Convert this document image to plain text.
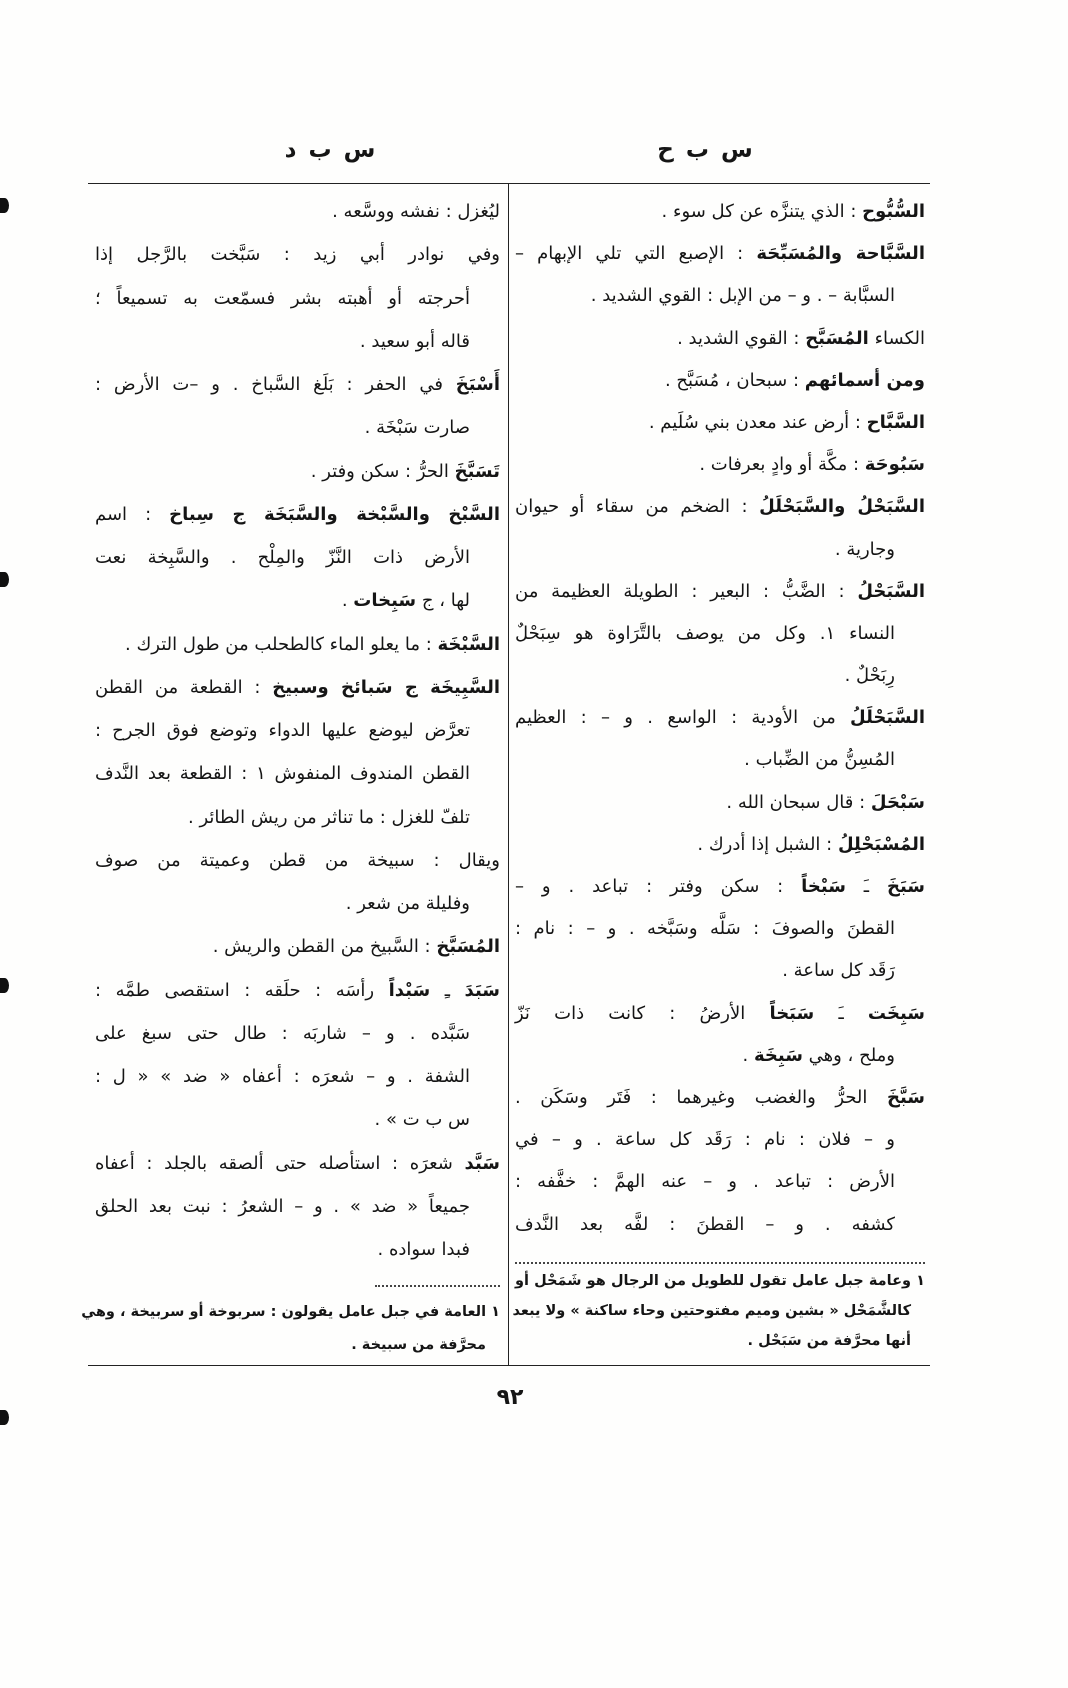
س ب ح
س ب د
السُّبُّوح : الذي يتنزَّه عن كل سوء .
السَّبَّاحة والمُسَبِّحَة : الإصبع التي تلي الإبهام –
السبَّابة – . و – من الإبل : القوي الشديد .
الكساء المُسَبَّح : القوي الشديد .
ومن أسمائهم : سبحان ، مُسَبَّح .
السَّبَّاح : أرض عند معدن بني سُلَيم .
سَبُوحَة : مكَّة أو وادٍ بعرفات .
السَّبَحْلُ والسَّبَحْلَلُ : الضخم من سقاء أو حيوان
وجارية .
السَّبَحْلُ : الضَّبُّ : البعير : الطويلة العظيمة من
النساء ١. وكل من يوصف بالتَّرَاوة هو سِبَحْلٌ
رِبَحْلٌ .
السَّبَحْلَلُ من الأودية : الواسع . و – : العظيم
المُسِنُّ من الضِّباب .
سَبْحَلَ : قال سبحان الله .
المُسْبَحْلِلُ : الشبل إذا أدرك .
سَبَخَ ـَ سَبْخاً : سكن وفتر : تباعد . و –
القطنَ والصوفَ : سَلَّه وسَبَّخه . و – : نام :
رَقَد كل ساعة .
سَبِخَت ـَ سَبَخاً الأرضُ : كانت ذات نَزّ
وملح ، وهي سَبِخَة .
سَبَّخَ الحرُّ والغضب وغيرهما : فَتَر وسَكَن .
و – فلان : نام : رَقَد كل ساعة . و – في
الأرض : تباعد . و – عنه الهمَّ : خفَّفه :
كشفه . و – القطنَ : لفَّه بعد النَّدف
ليُغزل : نفشه ووسَّعه .
وفي نوادر أبي زيد : سَبَّخت بالرَّجل إذا
أحرجته أو أهبته بشر فسمّعت به تسميعاً ؛
قاله أبو سعيد .
أَسْبَخَ في الحفر : بَلَغ السَّباخ . و –ت الأرض :
صارت سَبْخَة .
تَسَبَّخَ الحرُّ : سكن وفتر .
السَّبْخ والسَّبْخة والسَّبَخَة ج سِباخ : اسم
الأرض ذات النَّزّ والمِلْح . والسَّبِخة نعت
لها ، ج سَبِخات .
السَّبْخَة : ما يعلو الماء كالطحلب من طول الترك .
السَّبِيخَة ج سَبائخ وسبيخ : القطعة من القطن
تعرَّض ليوضع عليها الدواء وتوضع فوق الجرح :
القطن المندوف المنفوش ١ : القطعة بعد النَّدف
تلفّ للغزل : ما تناثر من ريش الطائر .
ويقال : سبيخة من قطن وعميتة من صوف
وفليلة من شعر .
المُسَبَّخ : السَّبيخ من القطن والريش .
سَبَدَ ـِ سَبْداً رأسَه : حلَقه : استقصى طمَّه :
سَبَّده . و – شاربَه : طال حتى سبغ على
الشفة . و – شعرَه : أعفاه « ضد » « ل :
س ب ت » .
سَبَّد شعرَه : استأصله حتى ألصقه بالجلد : أعفاه
جميعاً « ضد » . و – الشعرُ : نبت بعد الحلق
فبدا سواده .
١ وعامة جبل عامل تقول للطويل من الرجال هو شَمَحْل أو
كالشَّمَحْل « بشين وميم مفتوحتين وحاء ساكنة » ولا يبعد
أنها محرَّفة من سَبَحْل .
١ العامة في جبل عامل يقولون : سربوخة أو سربيخة ، وهي
محرَّفة من سبيخة .
٩٢
